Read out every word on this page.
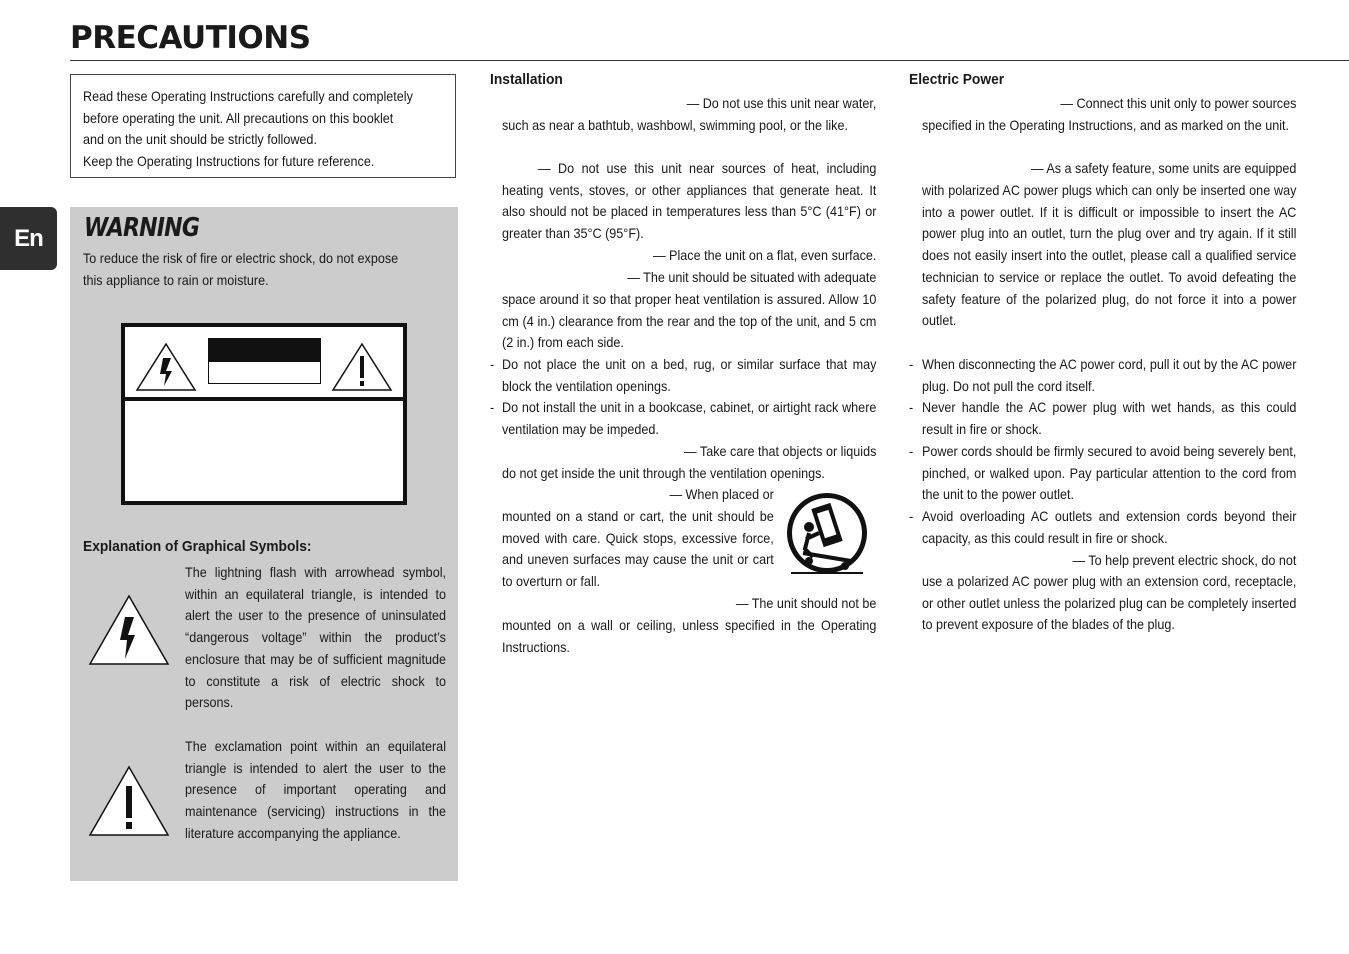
PRECAUTIONS
En

Read these Operating Instructions carefully and completely
before operating the unit. All precautions on this booklet
and on the unit should be strictly followed.
Keep the Operating Instructions for future reference.

WARNING

To reduce the risk of fire or electric shock, do not expose
this appliance to rain or moisture.

Explanation of Graphical Symbols:

The lightning flash with arrowhead symbol, within an equilateral triangle, is intended to alert the user to the presence of uninsulated “dangerous voltage” within the product’s enclosure that may be of sufficient magnitude to constitute a risk of electric shock to persons.

The exclamation point within an equilateral triangle is intended to alert the user to the presence of important operating and maintenance (servicing) instructions in the literature accompanying the appliance.

Installation

— Do not use this unit near water,

such as near a bathtub, washbowl, swimming pool, or the like.

— Do not use this unit near sources of heat, including heating vents, stoves, or other appliances that generate heat. It also should not be placed in temperatures less than 5°C (41°F) or greater than 35°C (95°F).

— Place the unit on a flat, even surface.

— The unit should be situated with adequate

space around it so that proper heat ventilation is assured. Allow 10 cm (4 in.) clearance from the rear and the top of the unit, and 5 cm (2 in.) from each side.

- Do not place the unit on a bed, rug, or similar surface that may block the ventilation openings.

- Do not install the unit in a bookcase, cabinet, or airtight rack where ventilation may be impeded.

— Take care that objects or liquids

do not get inside the unit through the ventilation openings.

— When placed or

mounted on a stand or cart, the unit should be moved with care. Quick stops, excessive force, and uneven surfaces may cause the unit or cart to overturn or fall.

— The unit should not be

mounted on a wall or ceiling, unless specified in the Operating Instructions.

Electric Power

— Connect this unit only to power sources

specified in the Operating Instructions, and as marked on the unit.

— As a safety feature, some units are equipped

with polarized AC power plugs which can only be inserted one way into a power outlet. If it is difficult or impossible to insert the AC power plug into an outlet, turn the plug over and try again. If it still does not easily insert into the outlet, please call a qualified service technician to service or replace the outlet. To avoid defeating the safety feature of the polarized plug, do not force it into a power outlet.

- When disconnecting the AC power cord, pull it out by the AC power plug. Do not pull the cord itself.

- Never handle the AC power plug with wet hands, as this could result in fire or shock.

- Power cords should be firmly secured to avoid being severely bent, pinched, or walked upon. Pay particular attention to the cord from the unit to the power outlet.

- Avoid overloading AC outlets and extension cords beyond their capacity, as this could result in fire or shock.

— To help prevent electric shock, do not

use a polarized AC power plug with an extension cord, receptacle, or other outlet unless the polarized plug can be completely inserted to prevent exposure of the blades of the plug.
